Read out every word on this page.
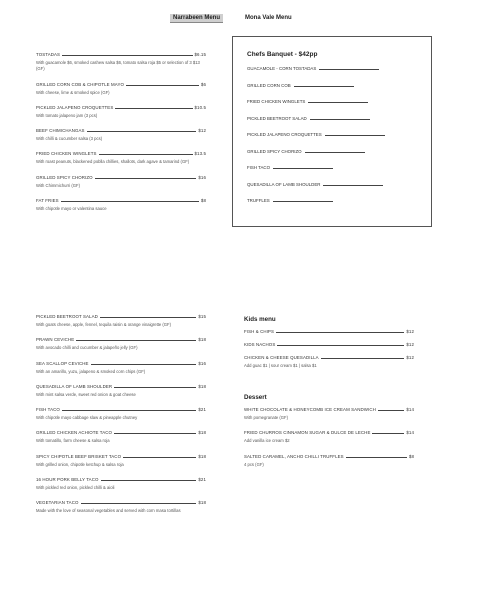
Narrabeen Menu	Mona Vale Menu
TOSTADAS	$6.15
With guacamole $6, smoked cashew salsa $6, tomato salsa roja $5 or selection of 3 $13 (GF)
GRILLED CORN COB & CHIPOTLE MAYO	$6
With cheese, lime & smoked spice (GF)
PICKLED JALAPENO CROQUETTES	$10.5
With tomato jalapeno jam (3 pcs)
BEEF CHIMICHANGAS	$12
With chilli & cucumber salsa (3 pcs)
FRIED CHICKEN WINGLETS	$13.5
With roast peanuts, blackened poblla chillies, shallots, dark agave & tamarind (GF)
GRILLED SPICY CHORIZO	$16
With Chimmichurri (GF)
FAT FRIES	$8
With chipotle mayo or valentina sauce
Chefs Banquet - $42pp
GUACAMOLE - CORN TOSTADAS
GRILLED CORN COB
FRIED CHICKEN WINGLETS
PICKLED BEETROOT SALAD
PICKLED JALAPENO CROQUETTES
GRILLED SPICY CHORIZO
FISH TACO
QUESADILLA OF LAMB SHOULDER
TRUFFLES
PICKLED BEETROOT SALAD	$15
With goats cheese, apple, fennel, tequila raisin & orange vinaigrette (GF)
PRAWN CEVICHE	$18
With avocado chilli and cucumber & jalapeño jelly (GF)
SEA SCALLOP CEVICHE	$16
With an amarillo, yuzu, jalapeno & smoked corn chips (GF)
QUESADILLA OF LAMB SHOULDER	$18
With mint salsa verde, sweet red onion & goat cheese
FISH TACO	$21
With chipotle mayo cabbage slaw & pineapple chutney
GRILLED CHICKEN ACHIOTE TACO	$18
With tomatillo, farm cheese & salsa roja
SPICY CHIPOTLE BEEF BRISKET TACO	$18
With grilled onion, chipotle ketchup & salsa roja
16 HOUR PORK BELLY TACO	$21
With pickled red onion, pickled chilli & aioli
VEGETARIAN TACO	$18
Made with the love of seasonal vegetables and served with corn masa tortillas
Kids menu
FISH & CHIPS	$12
KIDS NACHOS	$12
CHICKEN & CHEESE QUESADILLA	$12
Add guac $1 | sour cream $1 | salsa $1
Dessert
WHITE CHOCOLATE & HONEYCOMB ICE CREAM SANDWICH	$14
With pomegranate (GF)
FRIED CHURROS CINNAMON SUGAR & DULCE DE LECHE	$14
Add vanilla ice cream $2
SALTED CARAMEL, ANCHO CHILLI TRUFFLES	$8
4 pcs (GF)
